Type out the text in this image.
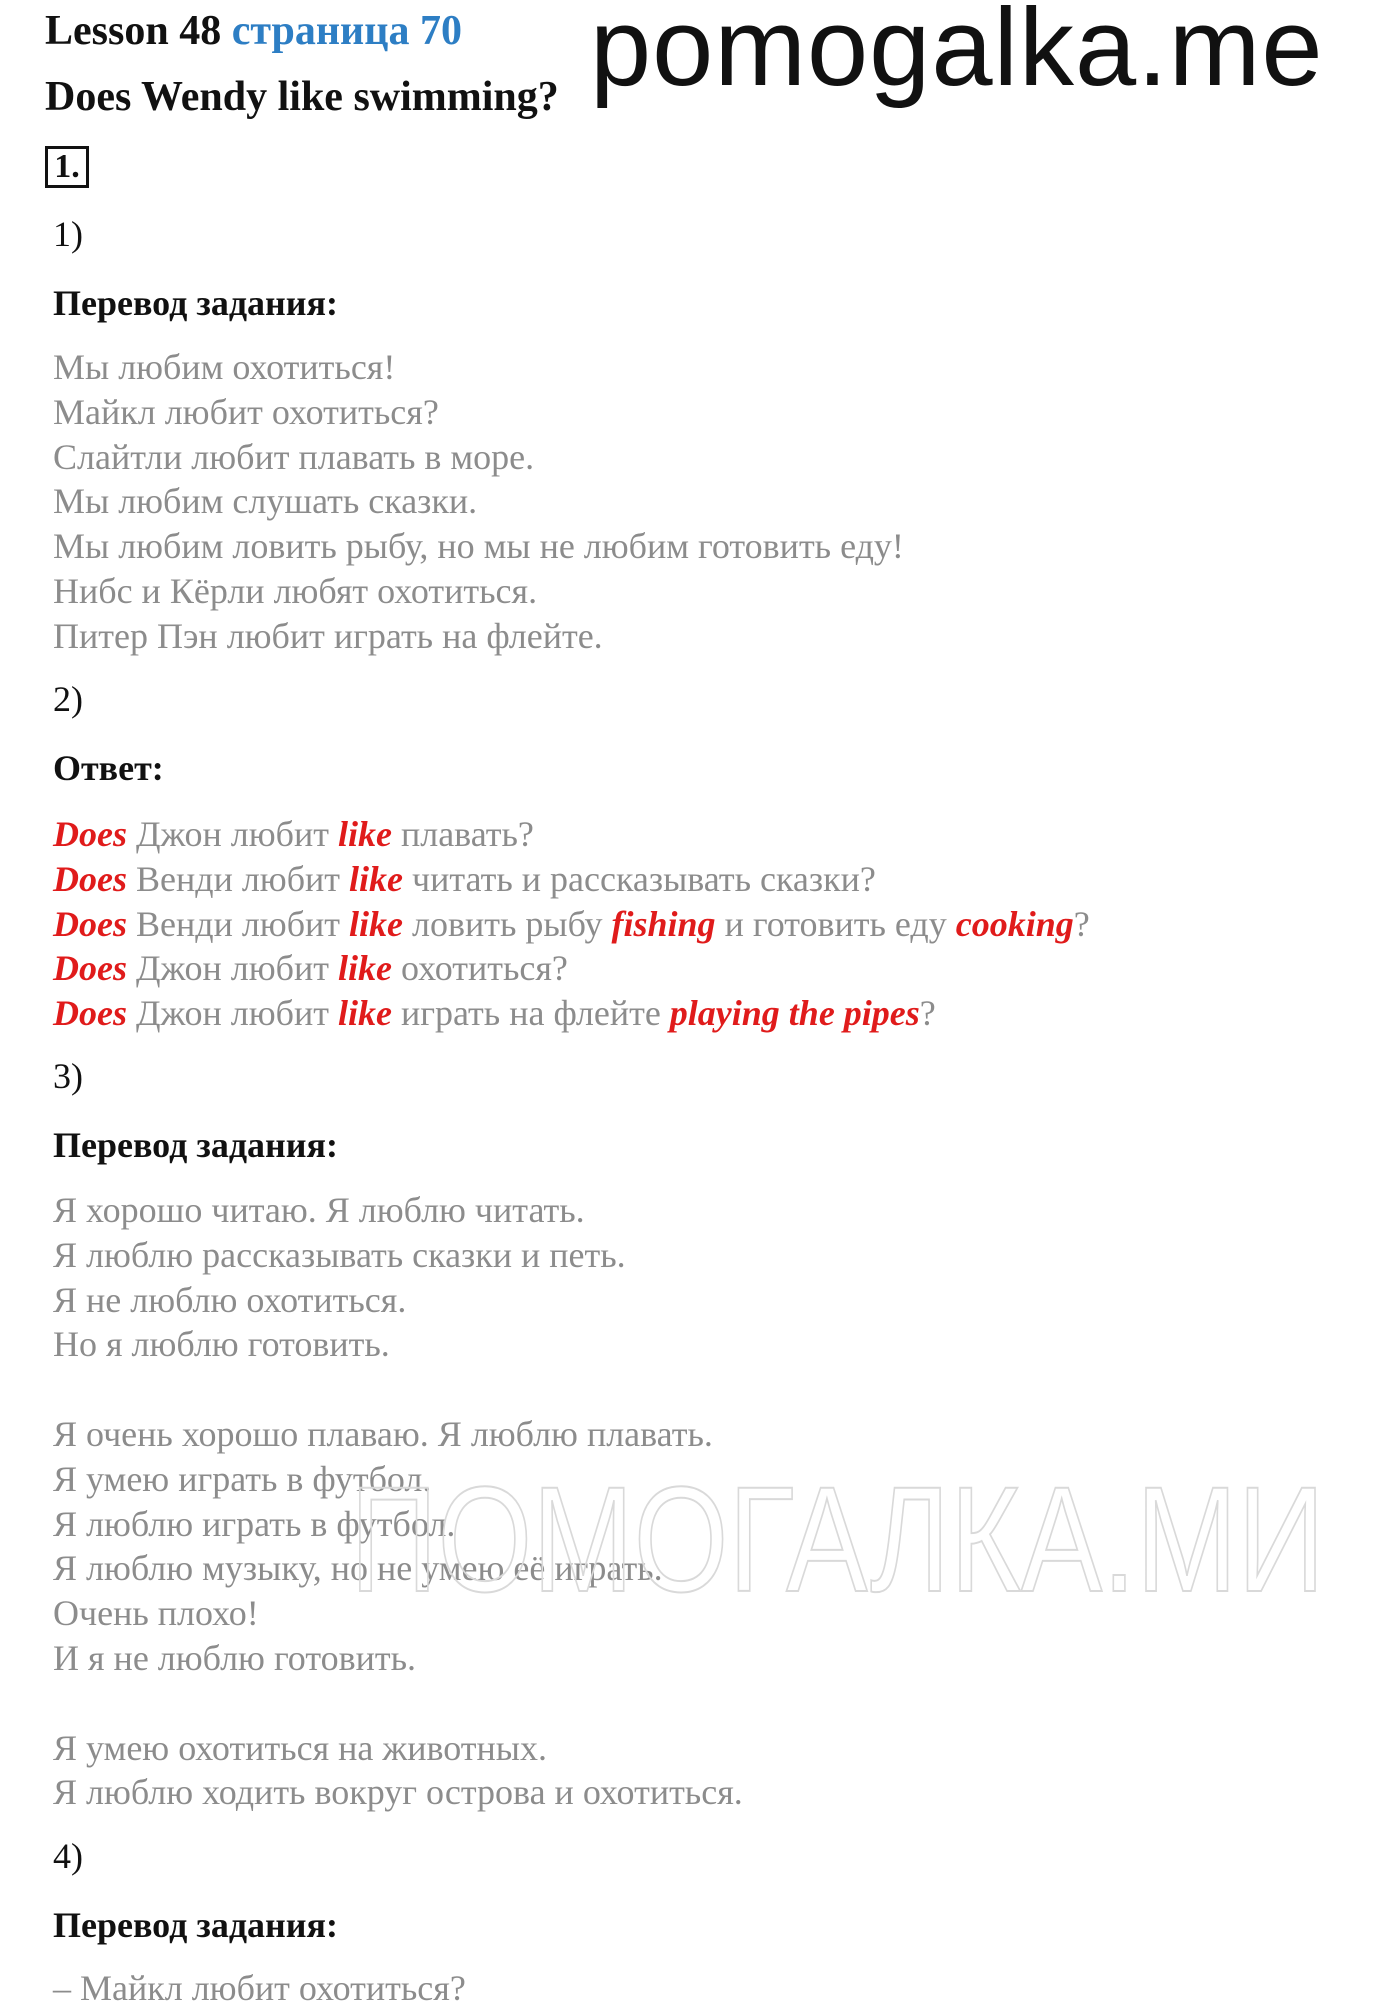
Lesson 48 страница 70
Does Wendy like swimming? pomogalka.me
1.
1)
Перевод задания:
Мы любим охотиться!
Майкл любит охотиться?
Слайтли любит плавать в море.
Мы любим слушать сказки.
Мы любим ловить рыбу, но мы не любим готовить еду!
Нибс и Кёрли любят охотиться.
Питер Пэн любит играть на флейте.
2)
Ответ:
Does Джон любит like плавать?
Does Венди любит like читать и рассказывать сказки?
Does Венди любит like ловить рыбу fishing и готовить еду cooking?
Does Джон любит like охотиться?
Does Джон любит like играть на флейте playing the pipes?
3)
Перевод задания:
Я хорошо читаю. Я люблю читать.
Я люблю рассказывать сказки и петь.
Я не люблю охотиться.
Но я люблю готовить.
Я очень хорошо плаваю. Я люблю плавать.
Я умею играть в футбол.
Я люблю играть в футбол.
Я люблю музыку, но не умею её играть.
Очень плохо!
И я не люблю готовить.
Я умею охотиться на животных.
Я люблю ходить вокруг острова и охотиться.
4)
Перевод задания:
– Майкл любит охотиться?
ПОМОГАЛКА.МИ
